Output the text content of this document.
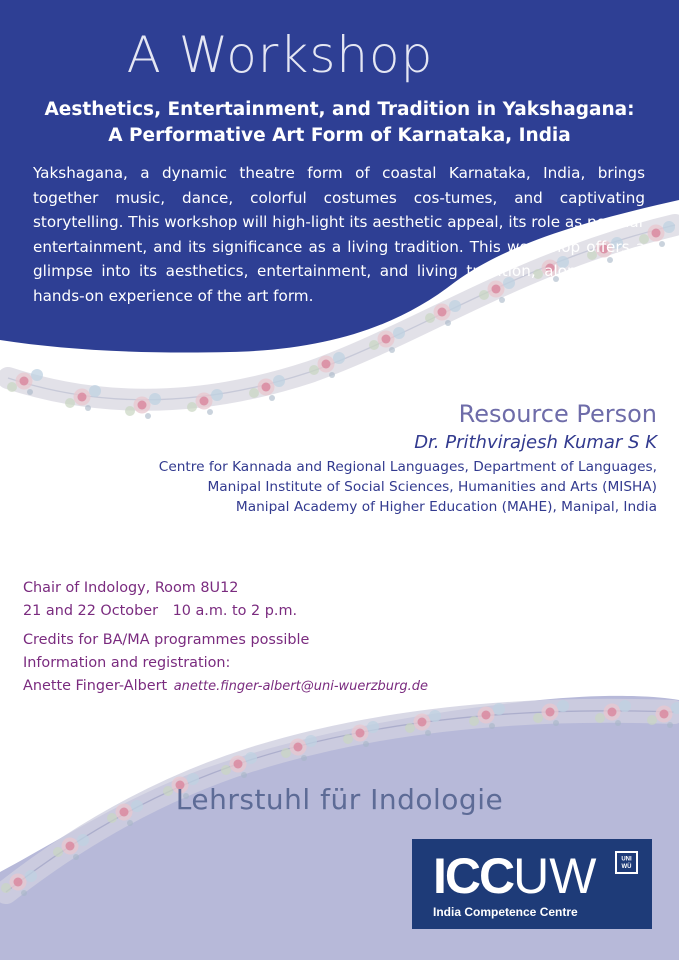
A Workshop
Aesthetics, Entertainment, and Tradition in Yakshagana:
A Performative Art Form of Karnataka, India

Yakshagana, a dynamic theatre form of coastal Karnataka, India, brings together music, dance, colorful costumes cos-tumes, and captivating storytelling. This workshop will high-light its aesthetic appeal, its role as popular entertainment, and its significance as a living tradition. This workshop offers a glimpse into its aesthetics, entertainment, and living tradition, along with a hands-on experience of the art form.

Resource Person
Dr. Prithvirajesh Kumar S K
Centre for Kannada and Regional Languages, Department of Languages,
Manipal Institute of Social Sciences, Humanities and Arts (MISHA)
Manipal Academy of Higher Education (MAHE), Manipal, India
Chair of Indology, Room 8U12
21 and 22 October 10 a.m. to 2 p.m.
Credits for BA/MA programmes possible
Information and registration:
Anette Finger-Albert anette.finger-albert@uni-wuerzburg.de
Lehrstuhl für Indologie
ICCUW
India Competence Centre
UNI
WÜ
